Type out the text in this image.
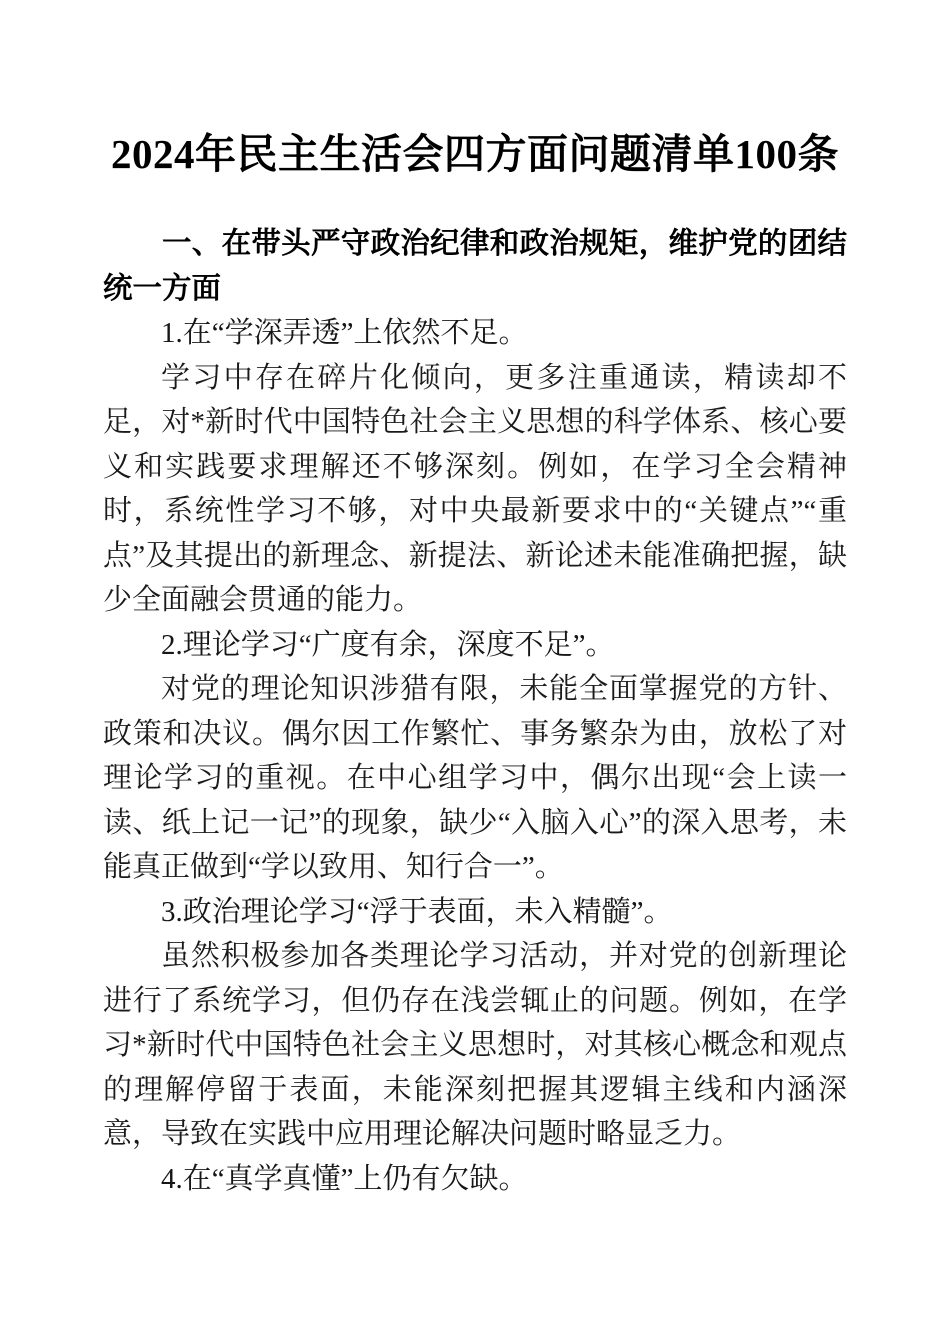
2024年民主生活会四方面问题清单100条

一、在带头严守政治纪律和政治规矩，维护党的团结统一方面

1.在“学深弄透”上依然不足。

学习中存在碎片化倾向，更多注重通读，精读却不足，对*新时代中国特色社会主义思想的科学体系、核心要义和实践要求理解还不够深刻。例如，在学习全会精神时，系统性学习不够，对中央最新要求中的“关键点”“重点”及其提出的新理念、新提法、新论述未能准确把握，缺少全面融会贯通的能力。

2.理论学习“广度有余，深度不足”。

对党的理论知识涉猎有限，未能全面掌握党的方针、政策和决议。偶尔因工作繁忙、事务繁杂为由，放松了对理论学习的重视。在中心组学习中，偶尔出现“会上读一读、纸上记一记”的现象，缺少“入脑入心”的深入思考，未能真正做到“学以致用、知行合一”。

3.政治理论学习“浮于表面，未入精髓”。

虽然积极参加各类理论学习活动，并对党的创新理论进行了系统学习，但仍存在浅尝辄止的问题。例如，在学习*新时代中国特色社会主义思想时，对其核心概念和观点的理解停留于表面，未能深刻把握其逻辑主线和内涵深意，导致在实践中应用理论解决问题时略显乏力。

4.在“真学真懂”上仍有欠缺。
